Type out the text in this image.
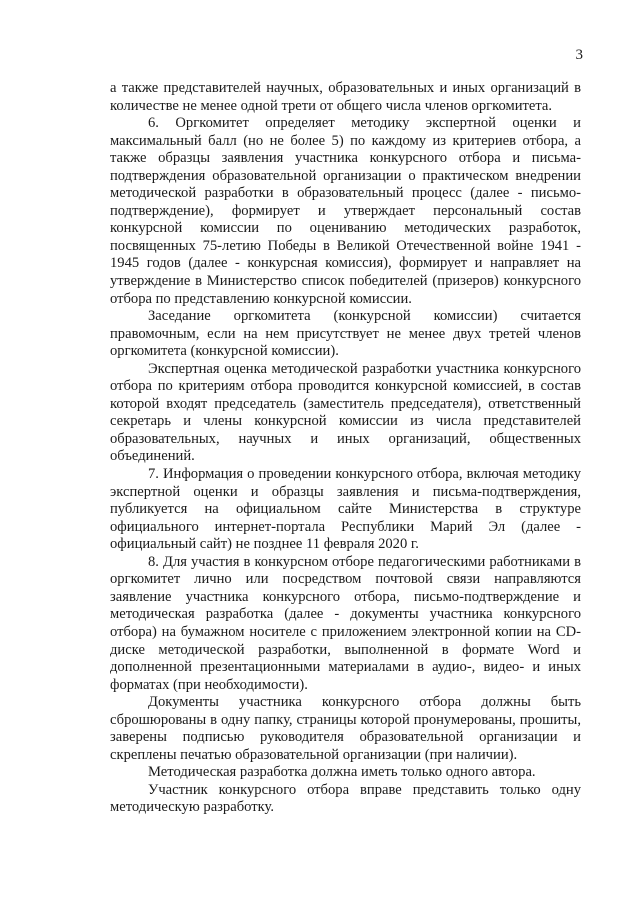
3

а также представителей научных, образовательных и иных организаций в количестве не менее одной трети от общего числа членов оргкомитета.

6. Оргкомитет определяет методику экспертной оценки и максимальный балл (но не более 5) по каждому из критериев отбора, а также образцы заявления участника конкурсного отбора и письма-подтверждения образовательной организации о практическом внедрении методической разработки в образовательный процесс (далее - письмо-подтверждение), формирует и утверждает персональный состав конкурсной комиссии по оцениванию методических разработок, посвященных 75-летию Победы в Великой Отечественной войне 1941 - 1945 годов (далее - конкурсная комиссия), формирует и направляет на утверждение в Министерство список победителей (призеров) конкурсного отбора по представлению конкурсной комиссии.

Заседание оргкомитета (конкурсной комиссии) считается правомочным, если на нем присутствует не менее двух третей членов оргкомитета (конкурсной комиссии).

Экспертная оценка методической разработки участника конкурсного отбора по критериям отбора проводится конкурсной комиссией, в состав которой входят председатель (заместитель председателя), ответственный секретарь и члены конкурсной комиссии из числа представителей образовательных, научных и иных организаций, общественных объединений.

7. Информация о проведении конкурсного отбора, включая методику экспертной оценки и образцы заявления и письма-подтверждения, публикуется на официальном сайте Министерства в структуре официального интернет-портала Республики Марий Эл (далее - официальный сайт) не позднее 11 февраля 2020 г.

8. Для участия в конкурсном отборе педагогическими работниками в оргкомитет лично или посредством почтовой связи направляются заявление участника конкурсного отбора, письмо-подтверждение и методическая разработка (далее - документы участника конкурсного отбора) на бумажном носителе с приложением электронной копии на CD-диске методической разработки, выполненной в формате Word и дополненной презентационными материалами в аудио-, видео- и иных форматах (при необходимости).

Документы участника конкурсного отбора должны быть сброшюрованы в одну папку, страницы которой пронумерованы, прошиты, заверены подписью руководителя образовательной организации и скреплены печатью образовательной организации (при наличии).

Методическая разработка должна иметь только одного автора.

Участник конкурсного отбора вправе представить только одну методическую разработку.
